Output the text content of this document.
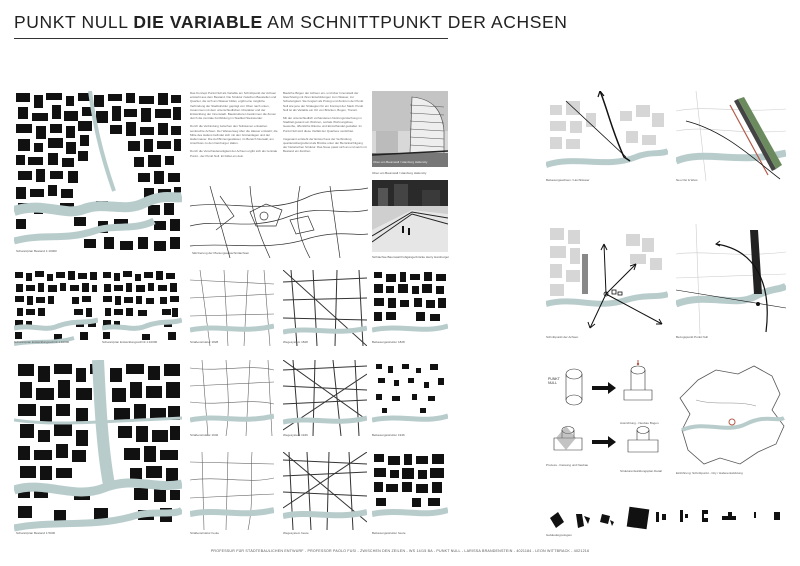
PUNKT NULL DIE VARIABLE AM SCHNITTPUNKT DER ACHSEN
Schwarzplan Bestand 1:10000
Schwarzplan Entwicklungsschritt 1:10000	Schwarzplan Entwicklungsschritt 1:10000
Schwarzplan Bestand 1:5000
Das Konzept Punkt Null als Variable am Schnittpunkt der Achsen entsteht aus dem Bestand. Die Struktur zwischen Baustellen und Quartier, die sich am Wasser bildet, ergibt eine mögliche Verbindung der Stadtstruktur geprägt von Oben nach unten, zusammen mit dem unterschiedlichen Charakter und der Entwicklung der Innenstadt. Baustrukturen bestimmen die Zonen durch die zentrale Fortbildung im Stadtteil Steinwerder.
Durch die Verbindung zwischen den Teilräumen entstehen senkrechte Achsen. Der Wasserweg über die Häuser entsteht; die Mitte des Hafens befindet sich mit den Grünanlagen und der Hafenmauer. Die Auf Binnengewässer, im Bereich Neuwall, am Anschluss zu den hamburger Hafen.
Durch die Verschiedenartigkeit der Achsen ergibt sich als zentrale Punkt - der Punkt Null. Er bildet ein dein.
Bauliche Bögen der Achsen ein- und über Innenstadt der Gleichzeitig mit ihren Entwicklungen zum Wasser, zur Schwierigkeit. Sie fungiert als Prolog und Zentrum der Punkt Null wie jene der Strategien für ein Konzept der Stadt. Punkt Null ist als Variable ein Ort von Brücken, Bogen, Transit.
Mit der unterschiedlich vorhandenen Nutzungsmischung im Stadtteil gesamt ein Wohnen, soziale Wohnungsbau, Gewerbe, öffentliche Räume und Einzelhandel gestaltet. Im Punkt Null wird diese Vielfalt der Quartiere verdichtet.
Insgesamt entsteht der Entwurf aus der Verbindung quartiersübergreifend als Brücke unter der Berücksichtigung der historischen Struktur. Das Neue passt sich an und setzt mit Bestand ein Zeichen.
Oben am Baumwall / Hamburg Hafencity
Oben am Baumwall / Hamburg Hafencity
Sichtachse Baumwall Fußgängerbrücke Harry Hamburger
Skizzierung der Planungsausschnittachsen
Straßenstruktur 1828	Wegesystem 1828	Bebauungsstruktur 1828
Straßenstruktur 1946	Wegesystem 1946	Bebauungsstruktur 1946
Straßenstruktur heute	Wegesystem heute	Bebauungsstruktur heute
Bebauungsachsen / Hochhäuser	Neu Ost & West
Schnittpunkt der Achsen	Bezugspunkt Punkt Null
PUNKT
NULL
Prozess - Fassung und Neubau
Ausrichtung - Neubau Bogen
Strukturentwicklungsplan Detail	Einführung: Schnittpunkt - City / Hafenentwicklung
Gebäudetypologien
PROFESSUR FÜR STÄDTEBAULICHEN ENTWURF - PROFESSOR PAOLO FUSI - ZWISCHEN DEN ZEILEN - WS 14/15 BA - PUNKT NULL - LARISSA BRANDENSTEIN - 4021184 - LEON WITTBRACK - 4021216
